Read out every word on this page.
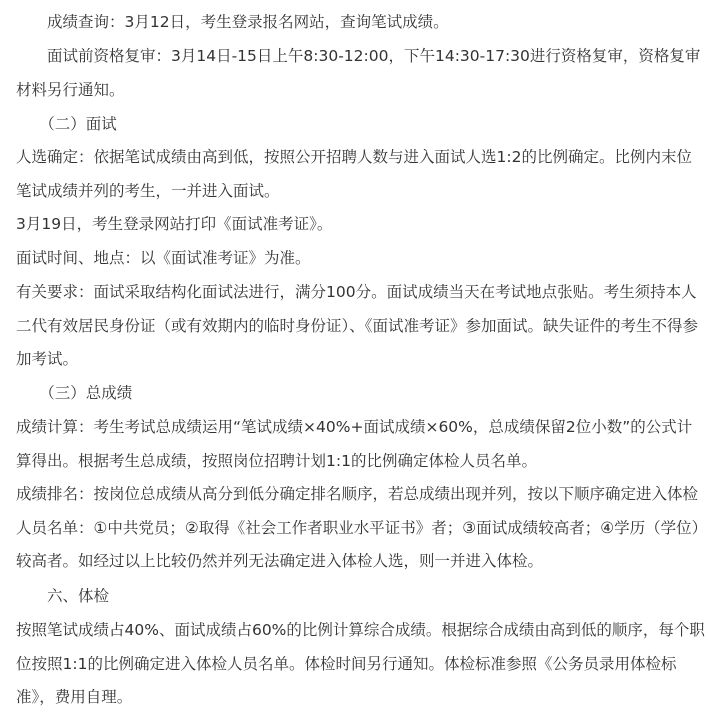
　　成绩查询：3月12日，考生登录报名网站，查询笔试成绩。

　　面试前资格复审：3月14日-15日上午8:30-12:00，下午14:30-17:30进行资格复审，资格复审材料另行通知。

　　（二）面试

人选确定：依据笔试成绩由高到低，按照公开招聘人数与进入面试人选1:2的比例确定。比例内末位笔试成绩并列的考生，一并进入面试。

3月19日，考生登录网站打印《面试准考证》。

面试时间、地点：以《面试准考证》为准。

有关要求：面试采取结构化面试法进行，满分100分。面试成绩当天在考试地点张贴。考生须持本人二代有效居民身份证（或有效期内的临时身份证）、《面试准考证》参加面试。缺失证件的考生不得参加考试。

　　（三）总成绩

成绩计算：考生考试总成绩运用“笔试成绩×40%+面试成绩×60%，总成绩保留2位小数”的公式计算得出。根据考生总成绩，按照岗位招聘计划1:1的比例确定体检人员名单。

成绩排名：按岗位总成绩从高分到低分确定排名顺序，若总成绩出现并列，按以下顺序确定进入体检人员名单：①中共党员；②取得《社会工作者职业水平证书》者；③面试成绩较高者；④学历（学位）较高者。如经过以上比较仍然并列无法确定进入体检人选，则一并进入体检。

　　六、体检

按照笔试成绩占40%、面试成绩占60%的比例计算综合成绩。根据综合成绩由高到低的顺序，每个职位按照1:1的比例确定进入体检人员名单。体检时间另行通知。体检标准参照《公务员录用体检标准》，费用自理。
